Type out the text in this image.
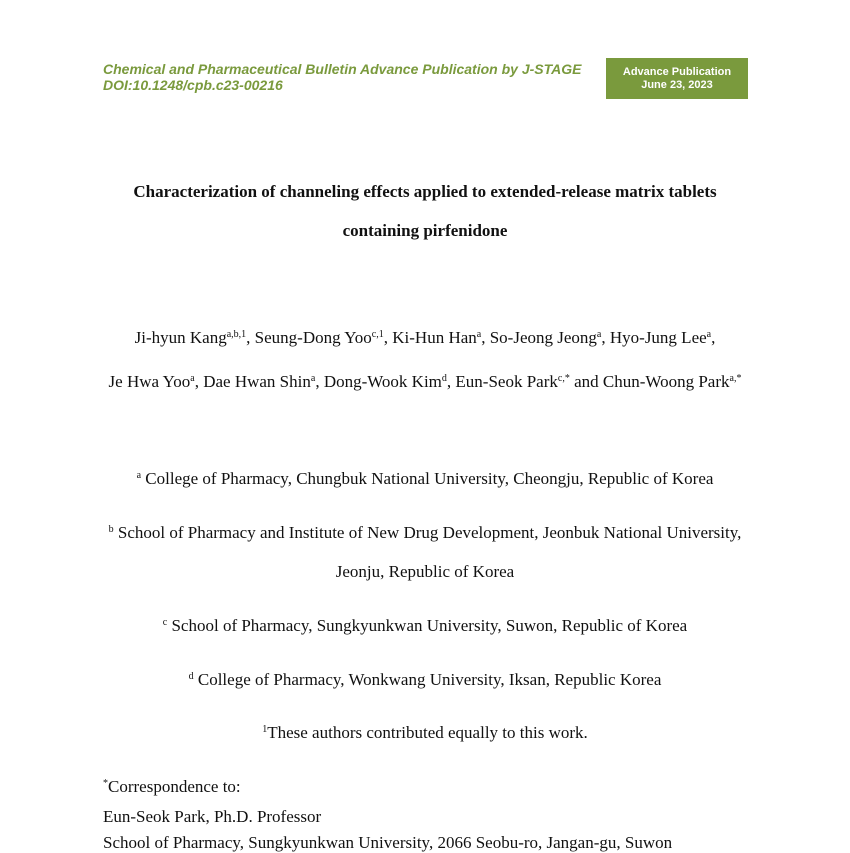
Chemical and Pharmaceutical Bulletin Advance Publication by J-STAGE
DOI:10.1248/cpb.c23-00216
Advance Publication
June 23, 2023
Characterization of channeling effects applied to extended-release matrix tablets
containing pirfenidone
Ji-hyun Kang$^{a,b,1}$, Seung-Dong Yoo$^{c,1}$, Ki-Hun Han$^a$, So-Jeong Jeong$^a$, Hyo-Jung Lee$^a$,
Je Hwa Yoo$^a$, Dae Hwan Shin$^a$, Dong-Wook Kim$^d$, Eun-Seok Park$^{c,*}$ and Chun-Woong Park$^{a,*}$
$^a$ College of Pharmacy, Chungbuk National University, Cheongju, Republic of Korea
$^b$ School of Pharmacy and Institute of New Drug Development, Jeonbuk National University,
Jeonju, Republic of Korea
$^c$ School of Pharmacy, Sungkyunkwan University, Suwon, Republic of Korea
$^d$ College of Pharmacy, Wonkwang University, Iksan, Republic Korea
$^1$These authors contributed equally to this work.
*Correspondence to:
Eun-Seok Park, Ph.D. Professor
School of Pharmacy, Sungkyunkwan University, 2066 Seobu-ro, Jangan-gu, Suwon
